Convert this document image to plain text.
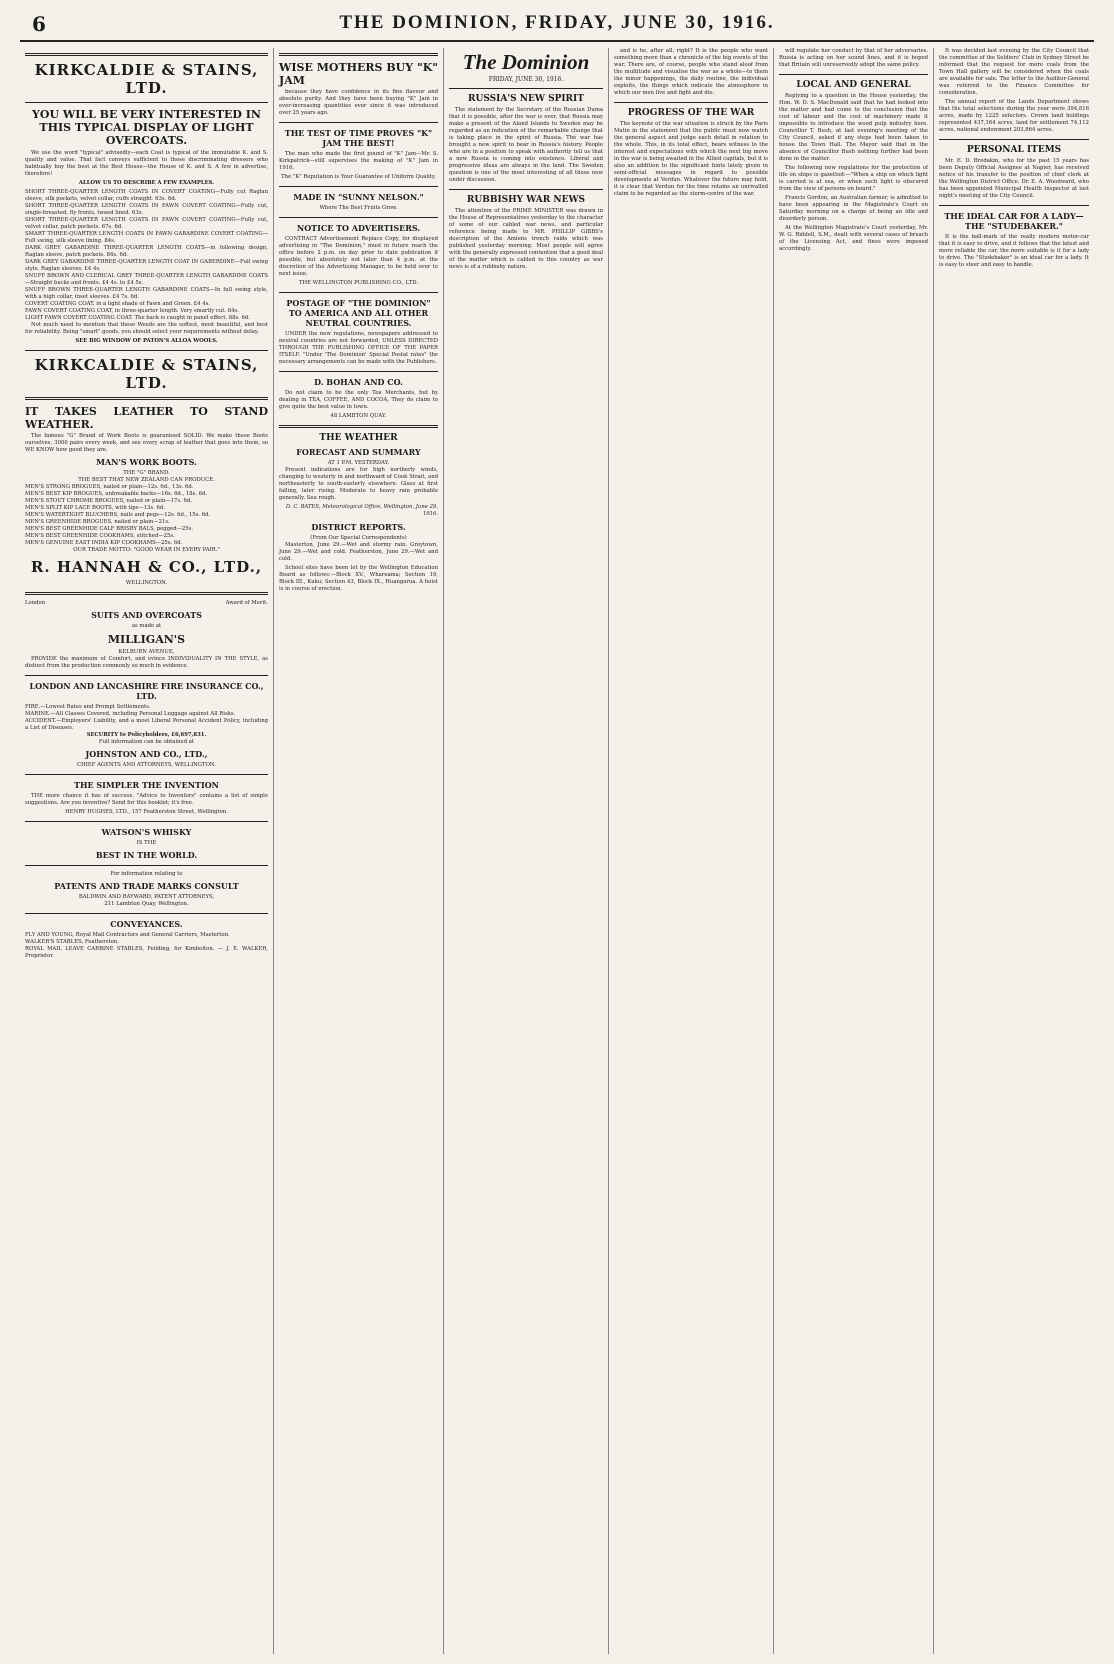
6	THE DOMINION, FRIDAY, JUNE 30, 1916.
KIRKCALDIE & STAINS, LTD.
YOU WILL BE VERY INTERESTED IN THIS TYPICAL DISPLAY OF LIGHT OVERCOATS.

We use the word "typical" advisedly—each Coat is typical of the immutable K. and S. quality and value. That fact conveys sufficient to those discriminating dressers who habitually buy the best at the Best House—the House of K. and S. A few in advertise, therefore!

ALLOW US TO DESCRIBE A FEW EXAMPLES.
SHORT THREE-QUARTER LENGTH COATS IN COVERT COATING—Fully cut Raglan sleeve, silk pockets, velvet collar, cuffs straight. 63s. 6d.
SHORT THREE-QUARTER LENGTH COATS IN FAWN COVERT COATING—Fully cut, single-breasted, fly fronts, tweed lined. 63s.
SHORT THREE-QUARTER LENGTH COATS IN FAWN COVERT COATING—Fully cut, velvet collar, patch pockets. 67s. 6d.
SMART THREE-QUARTER LENGTH COATS IN FAWN GABARDINE COVERT COATING—Full swing, silk sleeve lining. 84s.
DARK GREY GABARDINE THREE-QUARTER LENGTH COATS—in following design, Raglan sleeve, patch pockets. 84s. 6d.
DARK GREY GABARDINE THREE-QUARTER LENGTH COAT IN GABERDINE—Full swing style, Raglan sleeves. £4 4s.
SNUFF BROWN AND CLERICAL GREY THREE-QUARTER LENGTH GABARDINE COATS—Straight backs and fronts. £4 4s. to £4 5s.
SNUFF BROWN THREE-QUARTER LENGTH GABARDINE COATS—In full swing style, with a high collar, inset sleeves. £4 7s. 6d.
COVERT COATING COAT, in a light shade of Fawn and Green. £4 4s.
FAWN COVERT COATING COAT, in three-quarter length. Very smartly cut. 84s.
LIGHT FAWN COVERT COATING COAT. The back is caught in panel effect. 88s. 6d.

Not much need to mention that these Weeds are the softest, most beautiful, and best for reliability. Being "smart" goods, you should select your requirements without delay.

SEE BIG WINDOW OF PATON'S ALLOA WOOLS.
KIRKCALDIE & STAINS, LTD.
IT TAKES LEATHER TO STAND WEATHER.

The famous "G" Brand of Work Boots is guaranteed SOLID. We make these Boots ourselves, 3000 pairs every week, and see every scrap of leather that goes into them, so WE KNOW how good they are.

MAN'S WORK BOOTS.
THE "G" BRAND.
THE BEST THAT NEW ZEALAND CAN PRODUCE.
MEN'S STRONG BROGUES, nailed or plain—12s. 6d., 13s. 6d.
MEN'S BEST KIP BROGUES, unbreakable backs—16s. 6d., 18s. 6d.
MEN'S STOUT CHROME BROGUES, nailed or plain—17s. 6d.
MEN'S SPLIT KIP LACE BOOTS, with tips—13s. 6d.
MEN'S WATERTIGHT BLUCHERS, nails and pegs—12s. 6d., 15s. 6d.
MEN'S GREENHIDE BROGUES, nailed or plain—21s.
MEN'S BEST GREENHIDE CALF BRISBY BALS, pegged—25s.
MEN'S BEST GREENHIDE COOKHAMS, stitched—25s.
MEN'S GENUINE EAST INDIA KIP COOKHAMS—25s. 6d.
OUR TRADE MOTTO: "GOOD WEAR IN EVERY PAIR."
R. HANNAH & CO., LTD.,
WELLINGTON.
London	Award of Merit.
SUITS AND OVERCOATS
as made at
MILLIGAN'S
KELBURN AVENUE,

PROVIDE the maximum of Comfort, and evince INDIVIDUALITY IN THE STYLE, as distinct from the production commonly so much in evidence.

LONDON AND LANCASHIRE FIRE INSURANCE CO., LTD.
FIRE.—Lowest Rates and Prompt Settlements.
MARINE.—All Classes Covered, including Personal Luggage against All Risks.
ACCIDENT.—Employers' Liability, and a most Liberal Personal Accident Policy, including a List of Diseases.
SECURITY to Policyholders, £6,697,831.
Full information can be obtained at
JOHNSTON AND CO., LTD.,
CHIEF AGENTS AND ATTORNEYS, WELLINGTON.
THE SIMPLER THE INVENTION

THE more chance it has of success. "Advice to Inventors" contains a list of simple suggestions. Are you inventive? Send for this booklet; it's free.

HENRY HUGHES, LTD., 157 Featherston Street, Wellington.
WATSON'S WHISKY
IS THE
BEST IN THE WORLD.
For information relating to
PATENTS AND TRADE MARKS CONSULT
BALDWIN AND RAYWARD, PATENT ATTORNEYS,
211 Lambton Quay, Wellington.
CONVEYANCES.
FLY AND YOUNG, Royal Mail Contractors and General Carriers, Masterton.
WALKER'S STABLES, Featherston.
ROYAL MAIL LEAVE CARBINE STABLES, Feilding, for Kimbolton. — J. E. WALKER, Proprietor.
WISE MOTHERS BUY "K" JAM

because they have confidence in its fine flavour and absolute purity. And they have been buying "K" Jam in ever-increasing quantities ever since it was introduced over 25 years ago.

THE TEST OF TIME PROVES "K" JAM THE BEST!

The man who made the first pound of "K" Jam—Mr. S. Kirkpatrick—still supervises the making of "K" Jam in 1916.

The "K" Reputation is Your Guarantee of Uniform Quality.
MADE IN "SUNNY NELSON."
Where The Best Fruits Grow.
NOTICE TO ADVERTISERS.

CONTRACT Advertisement Replace Copy, for displayed advertising in "The Dominion," must in future reach the office before 2 p.m. on day prior to date publication if possible, but absolutely not later than 4 p.m. at the discretion of the Advertising Manager, to be held over to next issue.

THE WELLINGTON PUBLISHING CO., LTD.
POSTAGE OF "THE DOMINION" TO AMERICA AND ALL OTHER NEUTRAL COUNTRIES.

UNDER the new regulations, newspapers addressed to neutral countries are not forwarded, UNLESS DIRECTED THROUGH THE PUBLISHING OFFICE OF THE PAPER ITSELF. "Under 'The Dominion' Special Postal rates" the necessary arrangements can be made with the Publishers.

D. BOHAN AND CO.

Do not claim to be the only Tea Merchants, but by dealing in TEA, COFFEE, AND COCOA, They do claim to give quite the best value in town.

48 LAMBTON QUAY.
THE WEATHER
FORECAST AND SUMMARY
AT 1 P.M. YESTERDAY.

Present indications are for high northerly winds, changing to westerly in and northward of Cook Strait, and northeasterly to south-easterly elsewhere. Glass at first falling, later rising. Moderate to heavy rain probable generally. Sea rough.

D. C. BATES, Meteorological Office, Wellington, June 29, 1916.
DISTRICT REPORTS.
(From Our Special Correspondents)

Masterton, June 29.—Wet and stormy rain. Greytown, June 29.—Wet and cold. Featherston, June 29.—Wet and cold.

School sites have been let by the Wellington Education Board as follows:—Block XV., Whareama; Section 19, Block III., Kuku; Section 43, Block IX., Huangarua. A hoist is in course of erection.

The Dominion
FRIDAY, JUNE 30, 1916.
RUSSIA'S NEW SPIRIT

The statement by the Secretary of the Russian Duma that it is possible, after the war is over, that Russia may make a present of the Aland Islands to Sweden may be regarded as an indication of the remarkable change that is taking place in the spirit of Russia. The war has brought a new spirit to bear in Russia's history. People who are in a position to speak with authority tell us that a new Russia is coming into existence. Liberal and progressive ideas are always in the land. The Sweden question is one of the most interesting of all those now under discussion.

RUBBISHY WAR NEWS

The attention of the PRIME MINISTER was drawn in the House of Representatives yesterday to the character of some of our cabled war news, and particular reference being made to MR. PHILLIP GIBBS's description of the Amiens trench raids which was published yesterday morning. Most people will agree with the generally expressed contention that a good deal of the matter which is cabled to this country as war news is of a rubbishy nature.

and is he, after all, right? It is the people who want something more than a chronicle of the big events of the war. There are, of course, people who stand aloof from the multitude and visualise the war as a whole—to them the minor happenings, the daily routine, the individual exploits, the things which indicate the atmosphere in which our men live and fight and die.

PROGRESS OF THE WAR

The keynote of the war situation is struck by the Paris Matin in the statement that the public must now watch the general aspect and judge each detail in relation to the whole. This, in its total effect, bears witness to the interest and expectations with which the next big move in the war is being awaited in the Allied capitals, but it is also an addition to the significant hints lately given in semi-official messages in regard to possible developments at Verdun. Whatever the future may hold, it is clear that Verdun for the time retains an unrivalled claim to be regarded as the storm-centre of the war.

will regulate her conduct by that of her adversaries. Russia is acting on her sound lines, and it is hoped that Britain will unreservedly adopt the same policy.

LOCAL AND GENERAL

Replying to a question in the House yesterday, the Hon. W. D. S. MacDonald said that he had looked into the matter and had come to the conclusion that the cost of labour and the cost of machinery made it impossible to introduce the wood pulp industry here. Councillor T. Bush, at last evening's meeting of the City Council, asked if any steps had been taken to house the Town Hall. The Mayor said that in the absence of Councillor Bush nothing further had been done in the matter.

The following new regulations for the protection of life on ships is gazetted:—"When a ship on which light is carried is at sea, or when such light is obscured from the view of persons on board."

Francis Gordon, an Australian farmer, is admitted to have been appearing in the Magistrate's Court on Saturday morning on a charge of being an idle and disorderly person.

At the Wellington Magistrate's Court yesterday, Mr. W. G. Riddell, S.M., dealt with several cases of breach of the Licensing Act, and fines were imposed accordingly.

It was decided last evening by the City Council that the committee of the Soldiers' Club in Sydney Street be informed that the request for more coals from the Town Hall gallery will be considered when the coals are available for sale. The letter to the Auditor-General was referred to the Finance Committee for consideration.

The annual report of the Lands Department shows that the total selections during the year were 394,816 acres, made by 1225 selectors. Crown land holdings represented 437,164 acres, land for settlement 74,112 acres, national endowment 203,864 acres.

PERSONAL ITEMS

Mr. E. D. Bredakin, who for the past 15 years has been Deputy Official Assignee at Napier, has received notice of his transfer to the position of chief clerk at the Wellington District Office. Dr. E. A. Woodward, who has been appointed Municipal Health Inspector at last night's meeting of the City Council.

THE IDEAL CAR FOR A LADY—THE "STUDEBAKER."

It is the ball-mark of the really modern motor-car that it is easy to drive, and it follows that the latest and more reliable the car, the more suitable is it for a lady to drive. The "Studebaker" is an ideal car for a lady. It is easy to steer and easy to handle.
